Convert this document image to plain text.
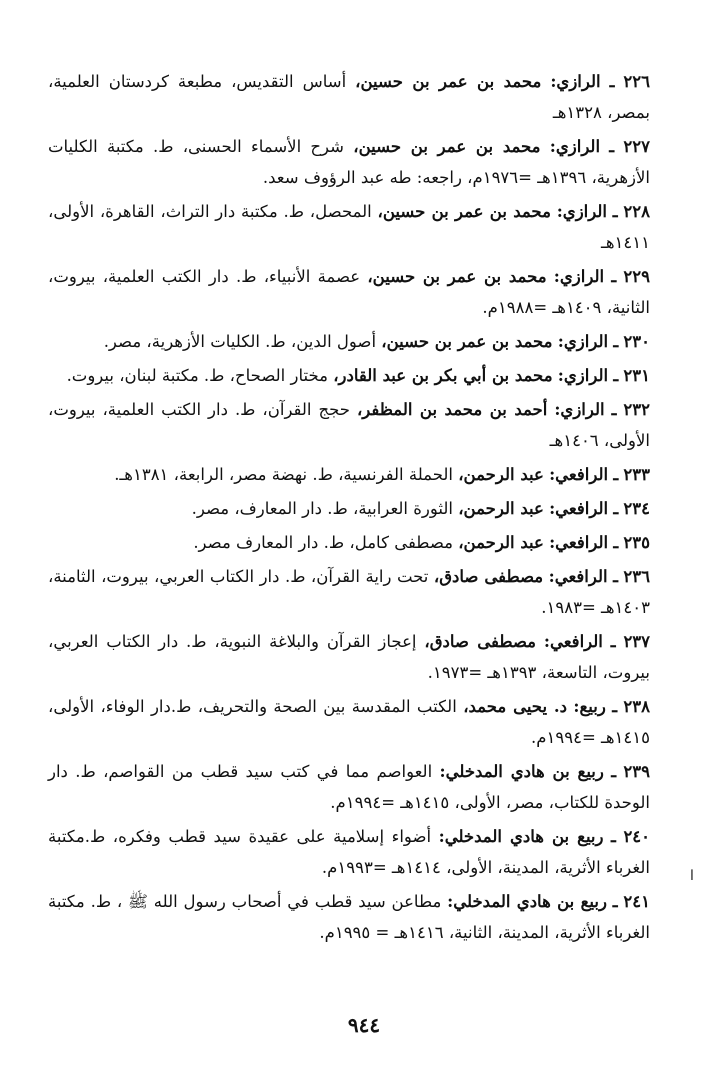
٢٢٦ ـ الرازي: محمد بن عمر بن حسين، أساس التقديس، مطبعة كردستان العلمية، بمصر، ١٣٢٨هـ

٢٢٧ ـ الرازي: محمد بن عمر بن حسين، شرح الأسماء الحسنى، ط. مكتبة الكليات الأزهرية، ١٣٩٦هـ =١٩٧٦م، راجعه: طه عبد الرؤوف سعد.

٢٢٨ ـ الرازي: محمد بن عمر بن حسين، المحصل، ط. مكتبة دار التراث، القاهرة، الأولى، ١٤١١هـ

٢٢٩ ـ الرازي: محمد بن عمر بن حسين، عصمة الأنبياء، ط. دار الكتب العلمية، بيروت، الثانية، ١٤٠٩هـ =١٩٨٨م.

٢٣٠ ـ الرازي: محمد بن عمر بن حسين، أصول الدين، ط. الكليات الأزهرية، مصر.

٢٣١ ـ الرازي: محمد بن أبي بكر بن عبد القادر، مختار الصحاح، ط. مكتبة لبنان، بيروت.

٢٣٢ ـ الرازي: أحمد بن محمد بن المظفر، حجج القرآن، ط. دار الكتب العلمية، بيروت، الأولى، ١٤٠٦هـ

٢٣٣ ـ الرافعي: عبد الرحمن، الحملة الفرنسية، ط. نهضة مصر، الرابعة، ١٣٨١هـ.

٢٣٤ ـ الرافعي: عبد الرحمن، الثورة العرابية، ط. دار المعارف، مصر.

٢٣٥ ـ الرافعي: عبد الرحمن، مصطفى كامل، ط. دار المعارف مصر.

٢٣٦ ـ الرافعي: مصطفى صادق، تحت راية القرآن، ط. دار الكتاب العربي، بيروت، الثامنة، ١٤٠٣هـ =١٩٨٣.

٢٣٧ ـ الرافعي: مصطفى صادق، إعجاز القرآن والبلاغة النبوية، ط. دار الكتاب العربي، بيروت، التاسعة، ١٣٩٣هـ =١٩٧٣.

٢٣٨ ـ ربيع: د. يحيى محمد، الكتب المقدسة بين الصحة والتحريف، ط.دار الوفاء، الأولى، ١٤١٥هـ =١٩٩٤م.

٢٣٩ ـ ربيع بن هادي المدخلي: العواصم مما في كتب سيد قطب من القواصم، ط. دار الوحدة للكتاب، مصر، الأولى، ١٤١٥هـ =١٩٩٤م.

٢٤٠ ـ ربيع بن هادي المدخلي: أضواء إسلامية على عقيدة سيد قطب وفكره، ط.مكتبة الغرباء الأثرية، المدينة، الأولى، ١٤١٤هـ =١٩٩٣م.

٢٤١ ـ ربيع بن هادي المدخلي: مطاعن سيد قطب في أصحاب رسول الله ﷺ ، ط. مكتبة الغرباء الأثرية، المدينة، الثانية، ١٤١٦هـ = ١٩٩٥م.

ا
٩٤٤
